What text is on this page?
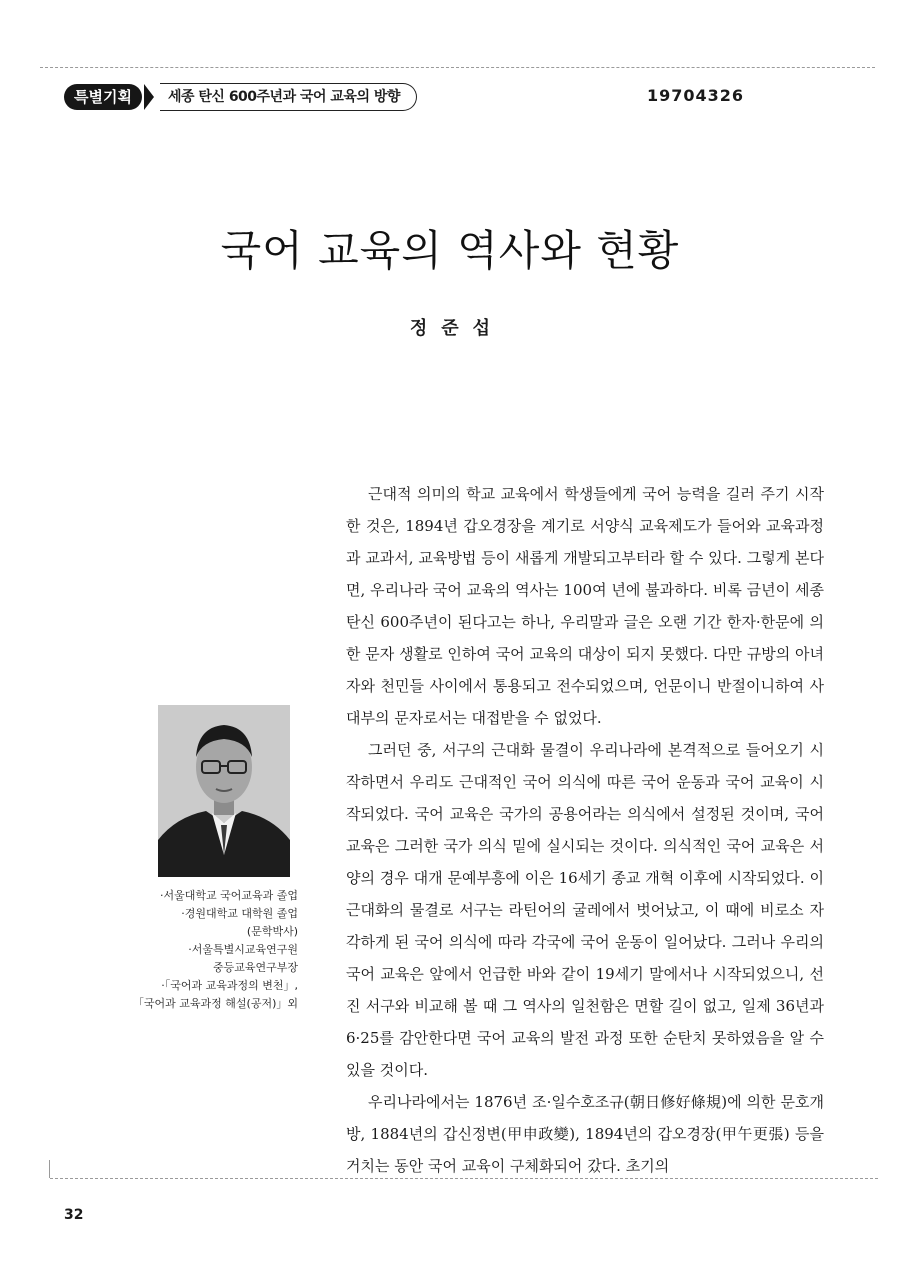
특별기획	세종 탄신 600주년과 국어 교육의 방향	19704326
국어 교육의 역사와 현황
정준섭
·서울대학교 국어교육과 졸업
·경원대학교 대학원 졸업
(문학박사)
·서울특별시교육연구원
중등교육연구부장
·「국어과 교육과정의 변천」,
「국어과 교육과정 해설(공저)」외

근대적 의미의 학교 교육에서 학생들에게 국어 능력을 길러 주기 시작한 것은, 1894년 갑오경장을 계기로 서양식 교육제도가 들어와 교육과정과 교과서, 교육방법 등이 새롭게 개발되고부터라 할 수 있다. 그렇게 본다면, 우리나라 국어 교육의 역사는 100여 년에 불과하다. 비록 금년이 세종 탄신 600주년이 된다고는 하나, 우리말과 글은 오랜 기간 한자·한문에 의한 문자 생활로 인하여 국어 교육의 대상이 되지 못했다. 다만 규방의 아녀자와 천민들 사이에서 통용되고 전수되었으며, 언문이니 반절이니하여 사대부의 문자로서는 대접받을 수 없었다.

그러던 중, 서구의 근대화 물결이 우리나라에 본격적으로 들어오기 시작하면서 우리도 근대적인 국어 의식에 따른 국어 운동과 국어 교육이 시작되었다. 국어 교육은 국가의 공용어라는 의식에서 설정된 것이며, 국어 교육은 그러한 국가 의식 밑에 실시되는 것이다. 의식적인 국어 교육은 서양의 경우 대개 문예부흥에 이은 16세기 종교 개혁 이후에 시작되었다. 이 근대화의 물결로 서구는 라틴어의 굴레에서 벗어났고, 이 때에 비로소 자각하게 된 국어 의식에 따라 각국에 국어 운동이 일어났다. 그러나 우리의 국어 교육은 앞에서 언급한 바와 같이 19세기 말에서나 시작되었으니, 선진 서구와 비교해 볼 때 그 역사의 일천함은 면할 길이 없고, 일제 36년과 6·25를 감안한다면 국어 교육의 발전 과정 또한 순탄치 못하였음을 알 수 있을 것이다.

우리나라에서는 1876년 조·일수호조규(朝日修好條規)에 의한 문호개방, 1884년의 갑신정변(甲申政變), 1894년의 갑오경장(甲午更張) 등을 거치는 동안 국어 교육이 구체화되어 갔다. 초기의

32
